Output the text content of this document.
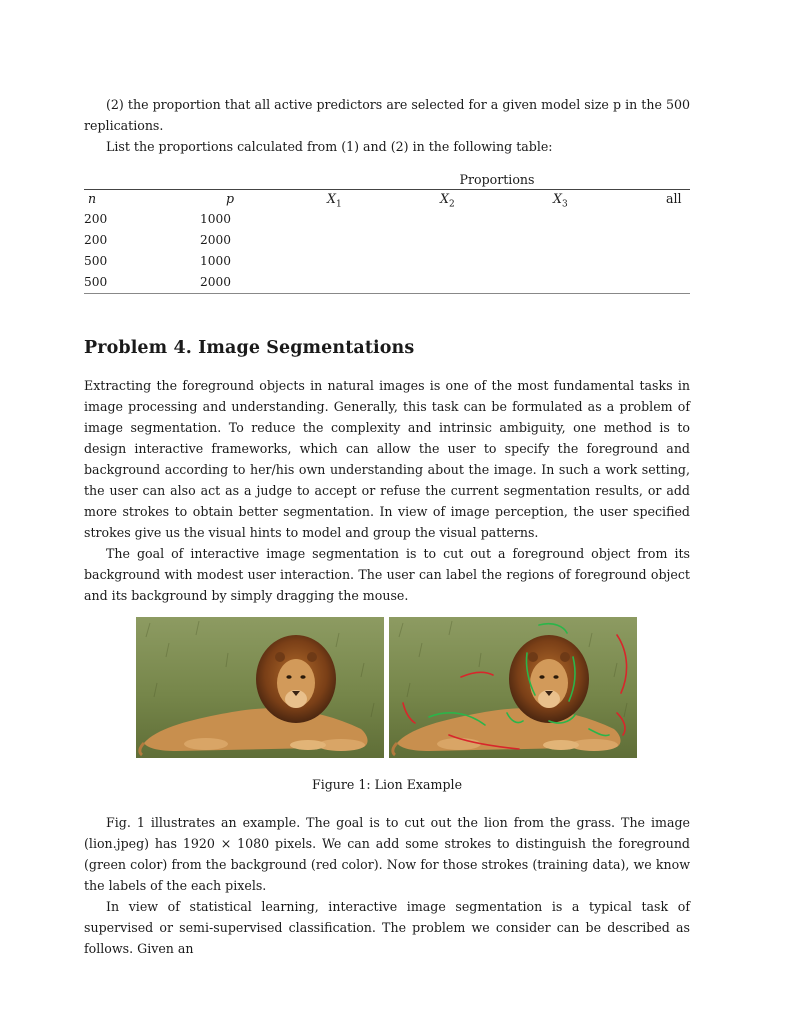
(2) the proportion that all active predictors are selected for a given model size p in the 500 replications.

List the proportions calculated from (1) and (2) in the following table:

Proportions
n	p	$X_1$	$X_2$	$X_3$	all
200	1000
200	2000
500	1000
500	2000
Problem 4. Image Segmentations

Extracting the foreground objects in natural images is one of the most fundamental tasks in image processing and understanding. Generally, this task can be formulated as a problem of image segmentation. To reduce the complexity and intrinsic ambiguity, one method is to design interactive frameworks, which can allow the user to specify the foreground and background according to her/his own understanding about the image. In such a work setting, the user can also act as a judge to accept or refuse the current segmentation results, or add more strokes to obtain better segmentation. In view of image perception, the user specified strokes give us the visual hints to model and group the visual patterns.

The goal of interactive image segmentation is to cut out a foreground object from its background with modest user interaction. The user can label the regions of foreground object and its background by simply dragging the mouse.

Figure 1: Lion Example

Fig. 1 illustrates an example. The goal is to cut out the lion from the grass. The image (lion.jpeg) has 1920 × 1080 pixels. We can add some strokes to distinguish the foreground (green color) from the background (red color). Now for those strokes (training data), we know the labels of the each pixels.

In view of statistical learning, interactive image segmentation is a typical task of supervised or semi-supervised classification. The problem we consider can be described as follows. Given an
